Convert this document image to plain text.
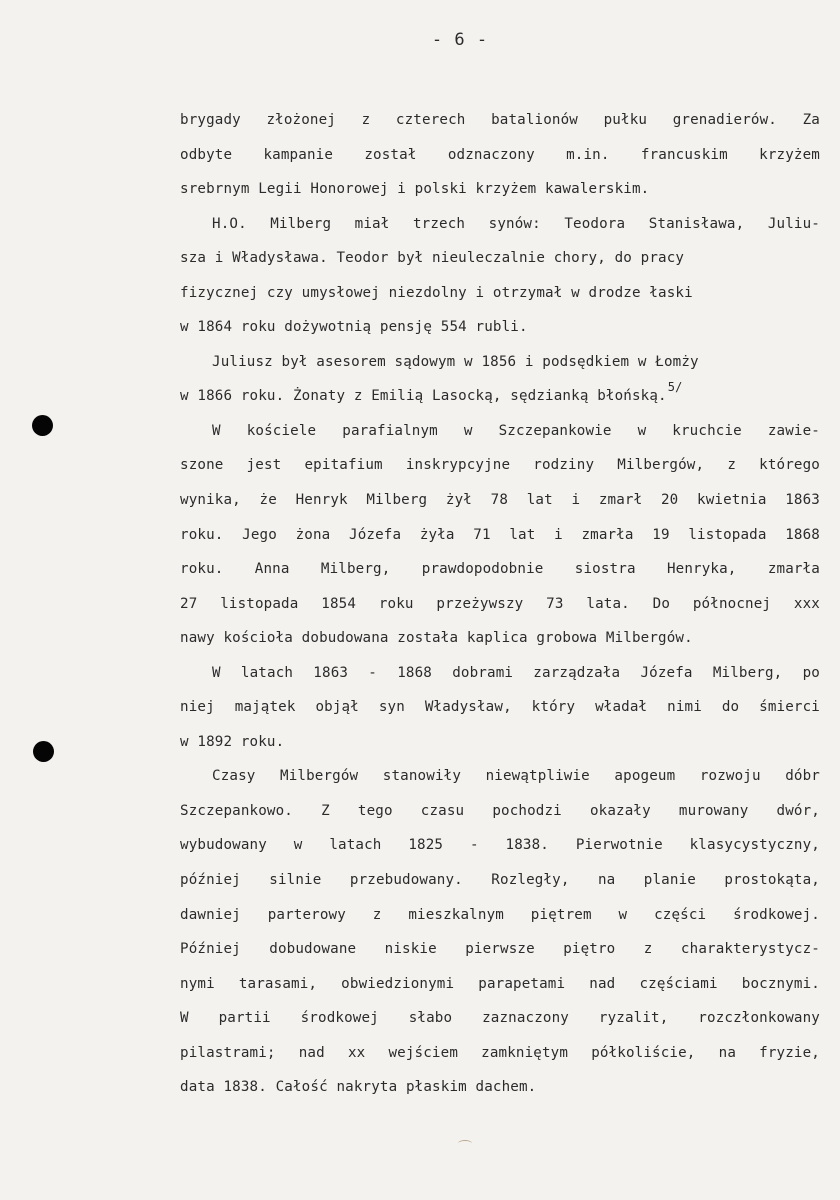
- 6 -
brygady złożonej z czterech batalionów pułku grenadierów. Za
odbyte kampanie został odznaczony m.in. francuskim krzyżem
srebrnym Legii Honorowej i polski krzyżem kawalerskim.
H.O. Milberg miał trzech synów: Teodora Stanisława, Juliu-
sza i Władysława. Teodor był nieuleczalnie chory, do pracy
fizycznej czy umysłowej niezdolny i otrzymał w drodze łaski
w 1864 roku dożywotnią pensję 554 rubli.
Juliusz był asesorem sądowym w 1856 i podsędkiem w Łomży
w 1866 roku. Żonaty z Emilią Lasocką, sędzianką błońską.5/
W kościele parafialnym w Szczepankowie w kruchcie zawie-
szone jest epitafium inskrypcyjne rodziny Milbergów, z którego
wynika, że Henryk Milberg żył 78 lat i zmarł 20 kwietnia 1863
roku. Jego żona Józefa żyła 71 lat i zmarła 19 listopada 1868
roku. Anna Milberg, prawdopodobnie siostra Henryka, zmarła
27 listopada 1854 roku przeżywszy 73 lata. Do północnej xxx
nawy kościoła dobudowana została kaplica grobowa Milbergów.
W latach 1863 - 1868 dobrami zarządzała Józefa Milberg, po
niej majątek objął syn Władysław, który władał nimi do śmierci
w 1892 roku.
Czasy Milbergów stanowiły niewątpliwie apogeum rozwoju dóbr
Szczepankowo. Z tego czasu pochodzi okazały murowany dwór,
wybudowany w latach 1825 - 1838. Pierwotnie klasycystyczny,
później silnie przebudowany. Rozległy, na planie prostokąta,
dawniej parterowy z mieszkalnym piętrem w części środkowej.
Później dobudowane niskie pierwsze piętro z charakterystycz-
nymi tarasami, obwiedzionymi parapetami nad częściami bocznymi.
W partii środkowej słabo zaznaczony ryzalit, rozczłonkowany
pilastrami; nad xx wejściem zamkniętym półkoliście, na fryzie,
data 1838. Całość nakryta płaskim dachem.
